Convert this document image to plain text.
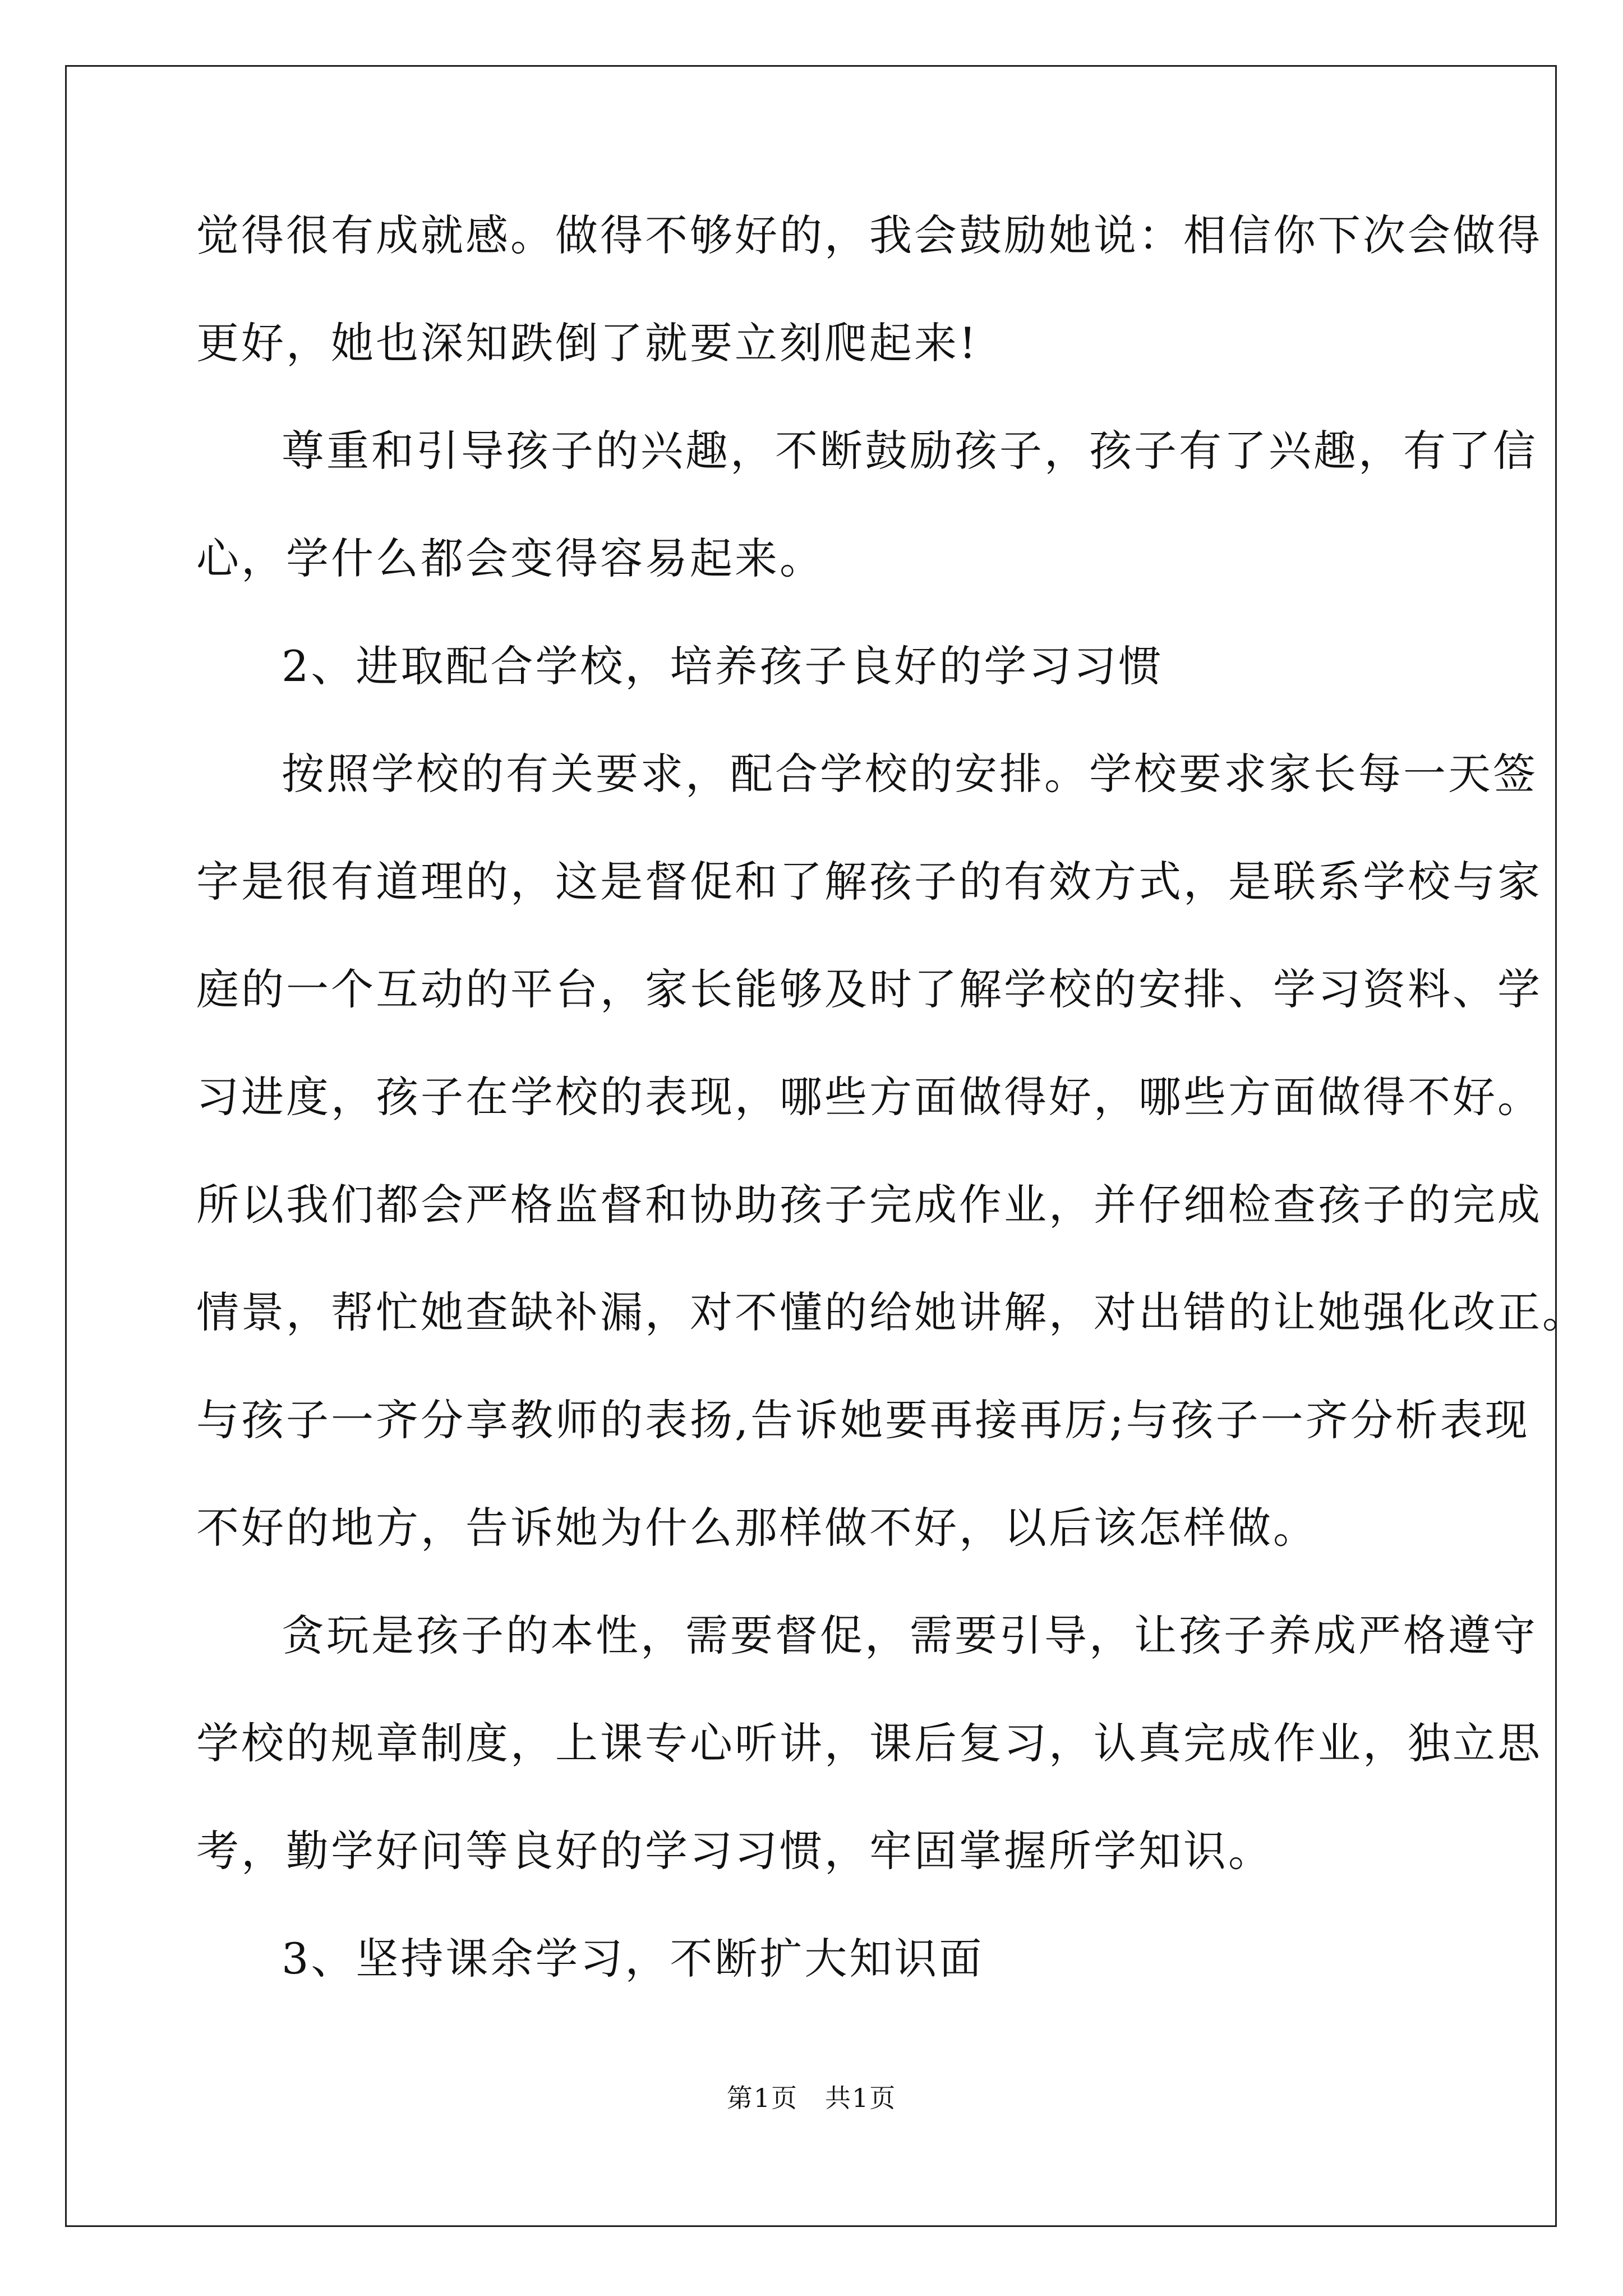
觉得很有成就感。做得不够好的，我会鼓励她说：相信你下次会做得
更好，她也深知跌倒了就要立刻爬起来!
尊重和引导孩子的兴趣，不断鼓励孩子，孩子有了兴趣，有了信
心，学什么都会变得容易起来。
2、进取配合学校，培养孩子良好的学习习惯
按照学校的有关要求，配合学校的安排。学校要求家长每一天签
字是很有道理的，这是督促和了解孩子的有效方式，是联系学校与家
庭的一个互动的平台，家长能够及时了解学校的安排、学习资料、学
习进度，孩子在学校的表现，哪些方面做得好，哪些方面做得不好。
所以我们都会严格监督和协助孩子完成作业，并仔细检查孩子的完成
情景，帮忙她查缺补漏，对不懂的给她讲解，对出错的让她强化改正。
与孩子一齐分享教师的表扬,告诉她要再接再厉;与孩子一齐分析表现
不好的地方，告诉她为什么那样做不好，以后该怎样做。
贪玩是孩子的本性，需要督促，需要引导，让孩子养成严格遵守
学校的规章制度，上课专心听讲，课后复习，认真完成作业，独立思
考，勤学好问等良好的学习习惯，牢固掌握所学知识。
3、坚持课余学习，不断扩大知识面
第1页 共1页
